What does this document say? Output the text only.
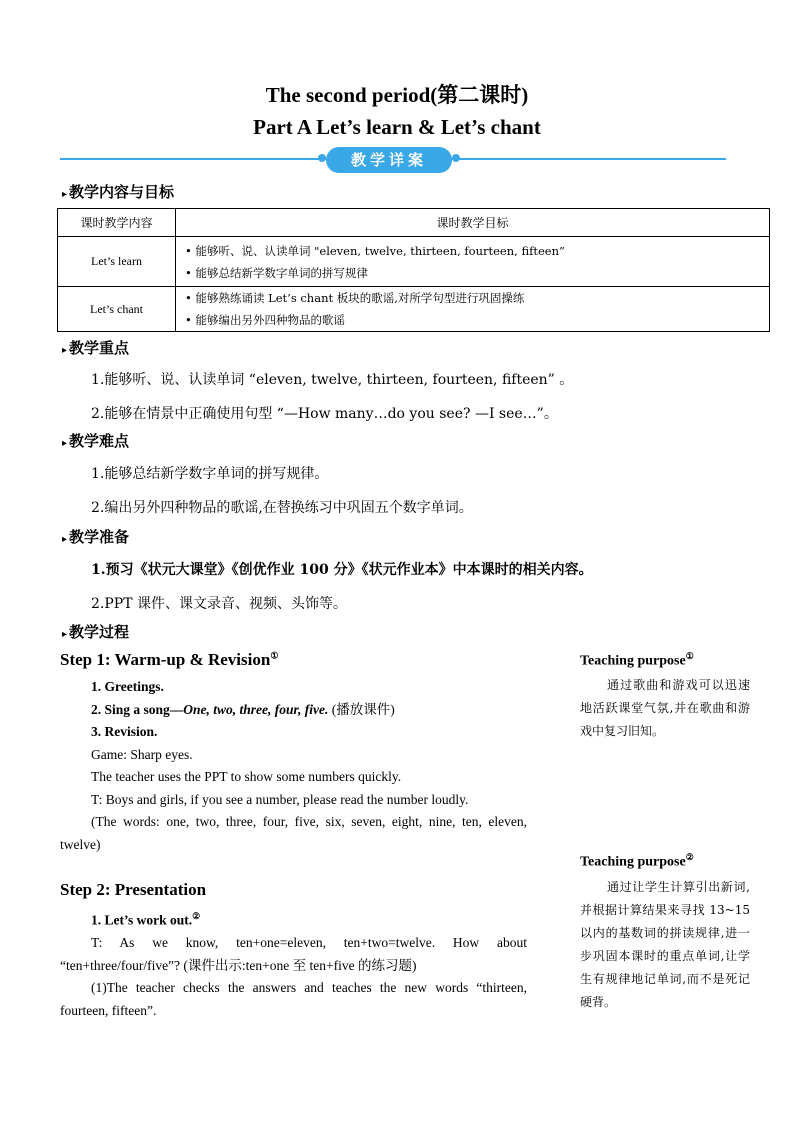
The second period(第二课时)
Part A Let’s learn & Let’s chant
教学详案
▸ 教学内容与目标
课时教学内容	课时教学目标
Let’s learn	• 能够听、说、认读单词 "eleven, twelve, thirteen, fourteen, fifteen”
• 能够总结新学数字单词的拼写规律

Let’s chant	• 能够熟练诵读 Let’s chant 板块的歌谣,对所学句型进行巩固操练
• 能够编出另外四种物品的歌谣
▸ 教学重点
1.能够听、说、认读单词 “eleven, twelve, thirteen, fourteen, fifteen” 。
2.能够在情景中正确使用句型 “—How many…do you see? —I see…”。
▸ 教学难点
1.能够总结新学数字单词的拼写规律。
2.编出另外四种物品的歌谣,在替换练习中巩固五个数字单词。
▸ 教学准备
1.预习《状元大课堂》《创优作业 100 分》《状元作业本》中本课时的相关内容。
2.PPT 课件、课文录音、视频、头饰等。
▸ 教学过程
Step 1: Warm-up & Revision①
1. Greetings.
2. Sing a song—One, two, three, four, five. (播放课件)
3. Revision.
Game: Sharp eyes.
The teacher uses the PPT to show some numbers quickly.
T: Boys and girls, if you see a number, please read the number loudly.
(The words: one, two, three, four, five, six, seven, eight, nine, ten, eleven, twelve)
Step 2: Presentation
1. Let’s work out.②
T: As we know, ten+one=eleven, ten+two=twelve. How about “ten+three/four/five”? (课件出示:ten+one 至 ten+five 的练习题)
(1)The teacher checks the answers and teaches the new words “thirteen, fourteen, fifteen”.
Teaching purpose①
通过歌曲和游戏可以迅速地活跃课堂气氛,并在歌曲和游戏中复习旧知。
Teaching purpose②
通过让学生计算引出新词,并根据计算结果来寻找 13~15 以内的基数词的拼读规律,进一步巩固本课时的重点单词,让学生有规律地记单词,而不是死记硬背。
